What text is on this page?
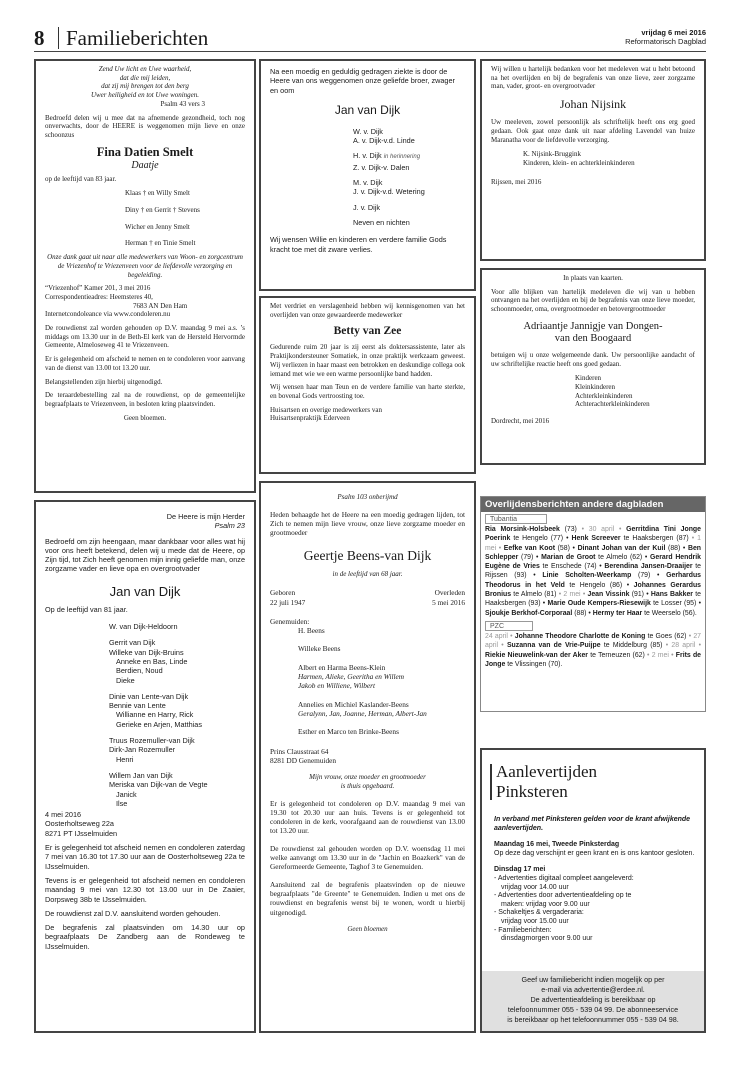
8 Familieberichten	vrijdag 6 mei 2016
Reformatorisch Dagblad
Zend Uw licht en Uwe waarheid,
dat die mij leiden,
dat zij mij brengen tot den berg
Uwer heiligheid en tot Uwe woningen.
Psalm 43 vers 3
Bedroefd delen wij u mee dat na afnemende gezondheid, toch nog onverwachts, door de HEERE is weggenomen mijn lieve en onze schoonzus
Fina Datien Smelt
Daatje
op de leeftijd van 83 jaar.
Klaas † en Willy Smelt
Diny † en Gerrit † Stevens
Wicher en Jenny Smelt
Herman † en Tinie Smelt
Onze dank gaat uit naar alle medewerkers van Woon- en zorgcentrum de Vriezenhof te Vriezenveen voor de liefdevolle verzorging en begeleiding.
“Vriezenhof” Kamer 201, 3 mei 2016
Correspondentieadres: Heemsteres 40,
7683 AN Den Ham
Internetcondoleance via www.condoleren.nu
De rouwdienst zal worden gehouden op D.V. maandag 9 mei a.s. ’s middags om 13.30 uur in de Beth-El kerk van de Hersteld Hervormde Gemeente, Almeloseweg 41 te Vriezenveen.
Er is gelegenheid om afscheid te nemen en te condoleren voor aanvang van de dienst van 13.00 tot 13.20 uur.
Belangstellenden zijn hierbij uitgenodigd.
De teraardebestelling zal na de rouwdienst, op de gemeentelijke begraafplaats te Vriezenveen, in besloten kring plaatsvinden.
Geen bloemen.
Na een moedig en geduldig gedragen ziekte is door de Heere van ons weggenomen onze geliefde broer, zwager en oom
Jan van Dijk
W. v. Dijk
A. v. Dijk-v.d. Linde
H. v. Dijk in herinnering
Z. v. Dijk-v. Dalen
M. v. Dijk
J. v. Dijk-v.d. Wetering
J. v. Dijk
Neven en nichten
Wij wensen Willie en kinderen en verdere familie Gods kracht toe met dit zware verlies.
Wij willen u hartelijk bedanken voor het medeleven wat u hebt betoond na het overlijden en bij de begrafenis van onze lieve, zeer zorgzame man, vader, groot- en overgrootvader
Johan Nijsink
Uw meeleven, zowel persoonlijk als schriftelijk heeft ons erg goed gedaan. Ook gaat onze dank uit naar afdeling Lavendel van huize Maranatha voor de liefdevolle verzorging.
K. Nijsink-Bruggink
Kinderen, klein- en achterkleinkinderen
Rijssen, mei 2016
Met verdriet en verslagenheid hebben wij kennisgenomen van het overlijden van onze gewaardeerde medewerker
Betty van Zee
Gedurende ruim 20 jaar is zij eerst als doktersassistente, later als Praktijkondersteuner Somatiek, in onze praktijk werkzaam geweest. Wij verliezen in haar maast een betrokken en deskundige collega ook iemand met wie we een warme persoonlijke band hadden.
Wij wensen haar man Teun en de verdere familie van harte sterkte, en bovenal Gods vertroosting toe.
Huisartsen en overige medewerkers van
Huisartsenpraktijk Ederveen
In plaats van kaarten.
Voor alle blijken van hartelijk medeleven die wij van u hebben ontvangen na het overlijden en bij de begrafenis van onze lieve moeder, schoonmoeder, oma, overgrootmoeder en betovergrootmoeder
Adriaantje Jannigje van Dongen-
van den Boogaard
betuigen wij u onze welgemeende dank. Uw persoonlijke aandacht of uw schriftelijke reactie heeft ons goed gedaan.
Kinderen
Kleinkinderen
Achterkleinkinderen
Achterachterkleinkinderen
Dordrecht, mei 2016
De Heere is mijn Herder
Psalm 23
Bedroefd om zijn heengaan, maar dankbaar voor alles wat hij voor ons heeft betekend, delen wij u mede dat de Heere, op Zijn tijd, tot Zich heeft genomen mijn innig geliefde man, onze zorgzame vader en lieve opa en overgrootvader
Jan van Dijk
Op de leeftijd van 81 jaar.
W. van Dijk-Heldoorn
Gerrit van Dijk
Willeke van Dijk-Bruins
Anneke en Bas, Linde
Berdien, Noud
Dieke
Dinie van Lente-van Dijk
Bennie van Lente
Willianne en Harry, Rick
Gerieke en Arjen, Matthias
Truus Rozemuller-van Dijk
Dirk-Jan Rozemuller
Henri
Willem Jan van Dijk
Meriska van Dijk-van de Vegte
Janick
Ilse
4 mei 2016
Oosterholtseweg 22a
8271 PT IJsselmuiden
Er is gelegenheid tot afscheid nemen en condoleren zaterdag 7 mei van 16.30 tot 17.30 uur aan de Oosterholtseweg 22a te IJsselmuiden.
Tevens is er gelegenheid tot afscheid nemen en condoleren maandag 9 mei van 12.30 tot 13.00 uur in De Zaaier, Dorpsweg 38b te IJsselmuiden.
De rouwdienst zal D.V. aansluitend worden gehouden.
De begrafenis zal plaatsvinden om 14.30 uur op begraafplaats De Zandberg aan de Rondeweg te IJsselmuiden.
Psalm 103 onberijmd
Heden behaagde het de Heere na een moedig gedragen lijden, tot Zich te nemen mijn lieve vrouw, onze lieve zorgzame moeder en grootmoeder
Geertje Beens-van Dijk
in de leeftijd van 68 jaar.
Geboren
22 juli 1947
Overleden
5 mei 2016
Genemuiden:
H. Beens
Willeke Beens
Albert en Harma Beens-Klein
Harmen, Alieke, Geeritha en Willem
Jakob en Williene, Wilbert
Annelies en Michiel Kaslander-Beens
Geralynn, Jan, Joanne, Herman, Albert-Jan
Esther en Marco ten Brinke-Beens
Prins Clausstraat 64
8281 DD Genemuiden
Mijn vrouw, onze moeder en grootmoeder
is thuis opgebaard.
Er is gelegenheid tot condoleren op D.V. maandag 9 mei van 19.30 tot 20.30 uur aan huis. Tevens is er gelegenheid tot condoleren in de kerk, voorafgaand aan de rouwdienst van 13.00 tot 13.20 uur.
De rouwdienst zal gehouden worden op D.V. woensdag 11 mei welke aanvangt om 13.30 uur in de "Jachin en Boazkerk" van de Gereformeerde Gemeente, Taghof 3 te Genemuiden.
Aansluitend zal de begrafenis plaatsvinden op de nieuwe begraafplaats "de Greente" te Genemuiden. Indien u met ons de rouwdienst en begrafenis wenst bij te wonen, wordt u hierbij uitgenodigd.
Geen bloemen
Overlijdensberichten andere dagbladen
Tubantia
Ria Morsink-Holsbeek (73) • 30 april • Gerritdina Tini Jonge Poerink te Hengelo (77) • Henk Screever te Haaksbergen (87) • 1 mei • Eefke van Koot (58) • Dinant Johan van der Kuil (88) • Ben Schlepper (79) • Marian de Groot te Almelo (62) • Gerard Hendrik Eugène de Vries te Enschede (74) • Berendina Jansen-Draaijer te Rijssen (93) • Linie Scholten-Weerkamp (79) • Gerhardus Theodorus in het Veld te Hengelo (86) • Johannes Gerardus Bronius te Almelo (81) • 2 mei • Jean Vissink (91) • Hans Bakker te Haaksbergen (93) • Marie Oude Kempers-Riesewijk te Losser (95) • Sjoukje Berkhof-Corporaal (88) • Hermy ter Haar te Weerselo (56).
PZC
24 april • Johanne Theodore Charlotte de Koning te Goes (62) • 27 april • Suzanna van de Vrie-Puijpe te Middelburg (85) • 28 april • Riekie Nieuwelink-van der Aker te Terneuzen (62) • 2 mei • Frits de Jonge te Vlissingen (70).
Aanlevertijden
Pinksteren
In verband met Pinksteren gelden voor de krant afwijkende aanlevertijden.
Maandag 16 mei, Tweede Pinksterdag
Op deze dag verschijnt er geen krant en is ons kantoor gesloten.
Dinsdag 17 mei
- Advertenties digitaal compleet aangeleverd:
vrijdag voor 14.00 uur
- Advertenties door advertentieafdeling op te
maken: vrijdag voor 9.00 uur
- Schakeltjes & vergaderaria:
vrijdag voor 15.00 uur
- Familieberichten:
dinsdagmorgen voor 9.00 uur
Geef uw familiebericht indien mogelijk op per
e-mail via advertentie@erdee.nl.
De advertentieafdeling is bereikbaar op
telefoonnummer 055 - 539 04 99. De abonneeservice
is bereikbaar op het telefoonnummer 055 - 539 04 98.
